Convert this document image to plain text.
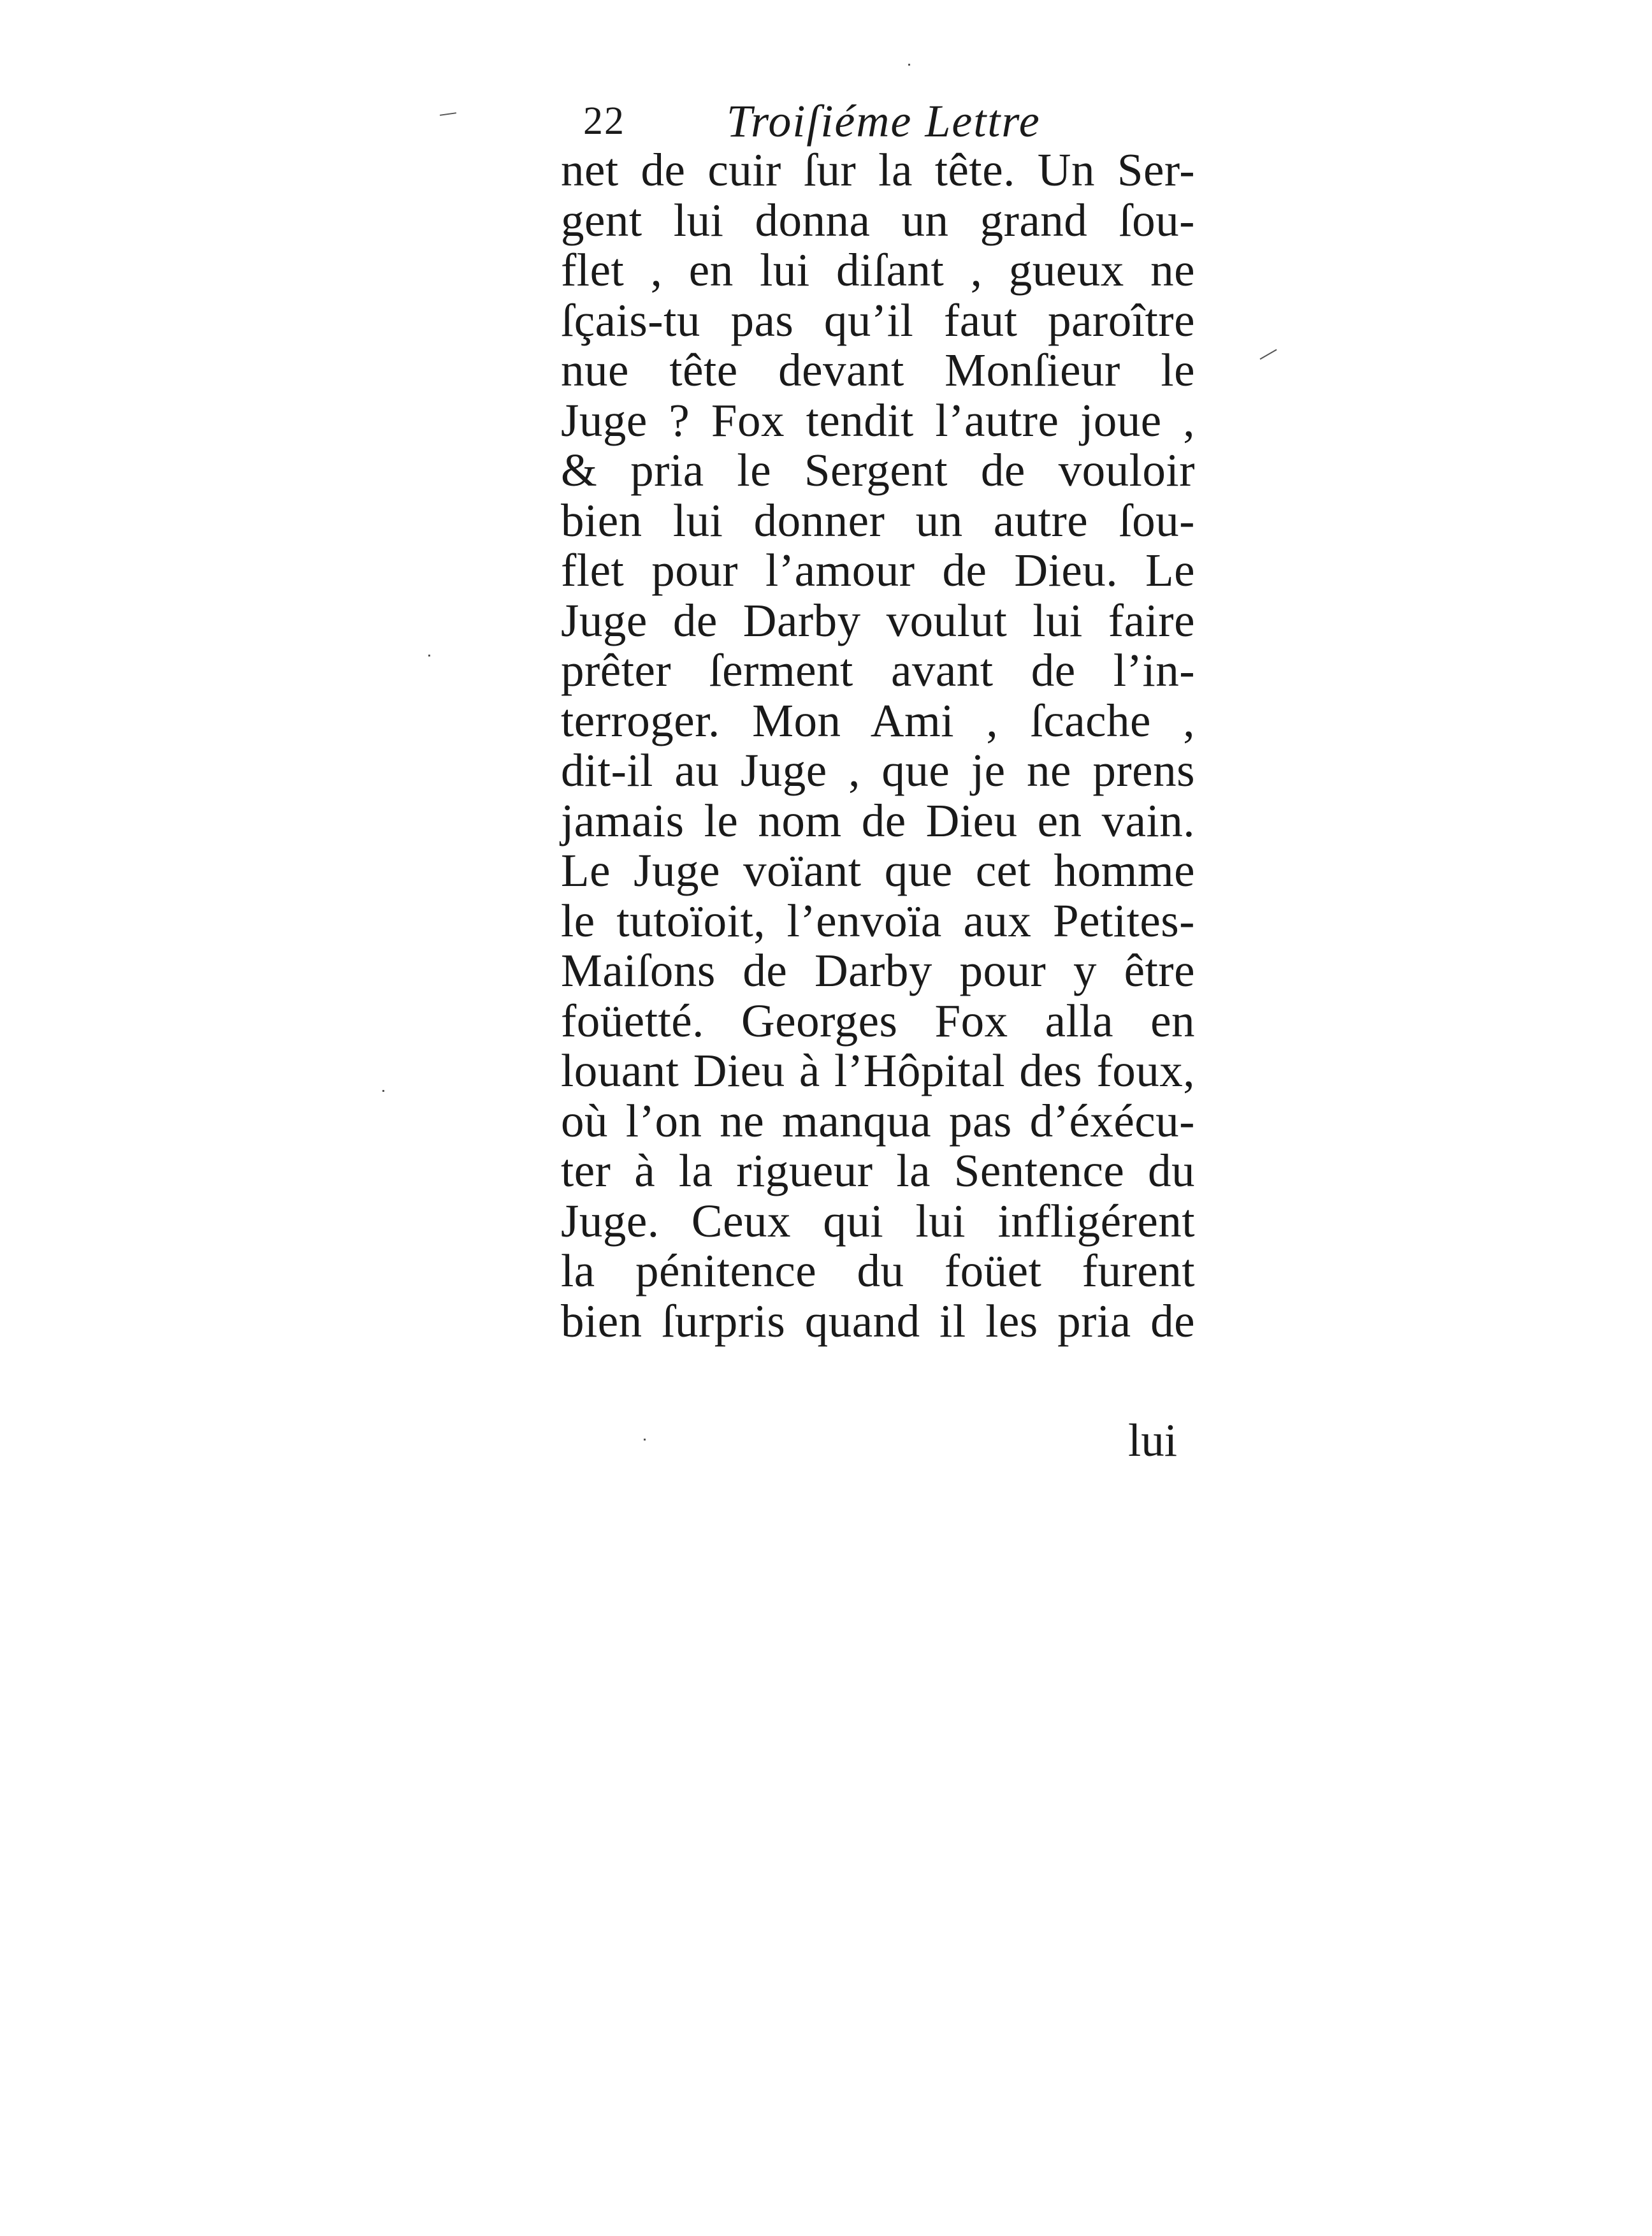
22 Troiſiéme Lettre
net de cuir ſur la tête. Un Ser-
gent lui donna un grand ſou-
flet , en lui diſant , gueux ne
ſçais-tu pas qu’il faut paroître
nue tête devant Monſieur le
Juge ? Fox tendit l’autre joue ,
& pria le Sergent de vouloir
bien lui donner un autre ſou-
flet pour l’amour de Dieu. Le
Juge de Darby voulut lui faire
prêter ſerment avant de l’in-
terroger. Mon Ami , ſcache ,
dit-il au Juge , que je ne prens
jamais le nom de Dieu en vain.
Le Juge voïant que cet homme
le tutoïoit, l’envoïa aux Petites-
Maiſons de Darby pour y être
foüetté. Georges Fox alla en
louant Dieu à l’Hôpital des foux,
où l’on ne manqua pas d’éxécu-
ter à la rigueur la Sentence du
Juge. Ceux qui lui infligérent
la pénitence du foüet furent
bien ſurpris quand il les pria de
lui
